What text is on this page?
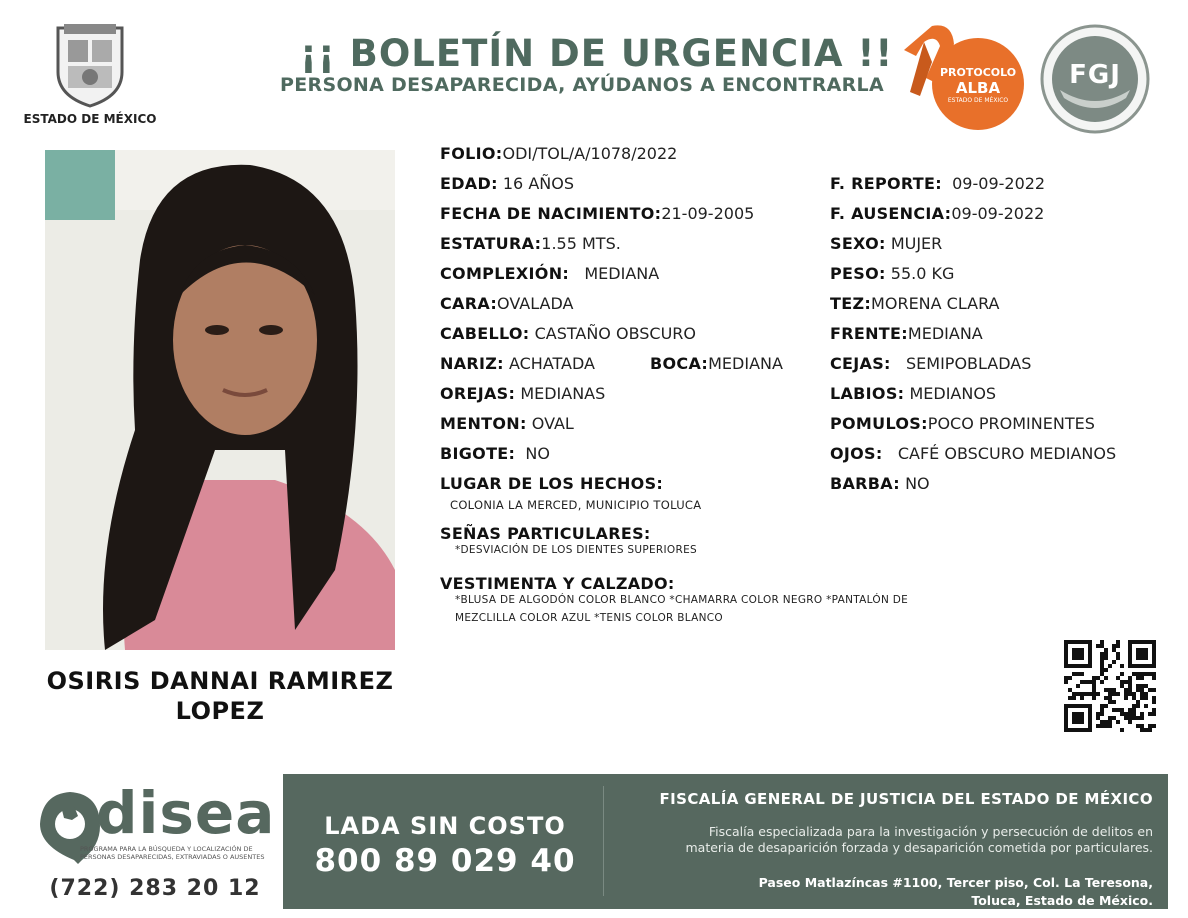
ESTADO DE MÉXICO
¡¡ BOLETÍN DE URGENCIA !!
PERSONA DESAPARECIDA, AYÚDANOS A ENCONTRARLA
PROTOCOLO
ALBA
ESTADO DE MÉXICO
FGJ
OSIRIS DANNAI RAMIREZ
LOPEZ
FOLIO:ODI/TOL/A/1078/2022
EDAD: 16 AÑOS
FECHA DE NACIMIENTO:21-09-2005
ESTATURA:1.55 MTS.
COMPLEXIÓN: MEDIANA
CARA:OVALADA
CABELLO: CASTAÑO OBSCURO
NARIZ: ACHATADA	BOCA:MEDIANA
OREJAS: MEDIANAS
MENTON: OVAL
BIGOTE: NO
F. REPORTE: 09-09-2022
F. AUSENCIA:09-09-2022
SEXO: MUJER
PESO: 55.0 KG
TEZ:MORENA CLARA
FRENTE:MEDIANA
CEJAS: SEMIPOBLADAS
LABIOS: MEDIANOS
POMULOS:POCO PROMINENTES
OJOS: CAFÉ OBSCURO MEDIANOS
BARBA: NO
LUGAR DE LOS HECHOS:
COLONIA LA MERCED, MUNICIPIO TOLUCA
SEÑAS PARTICULARES:
*DESVIACIÓN DE LOS DIENTES SUPERIORES
VESTIMENTA Y CALZADO:
*BLUSA DE ALGODÓN COLOR BLANCO *CHAMARRA COLOR NEGRO *PANTALÓN DE
MEZCLILLA COLOR AZUL *TENIS COLOR BLANCO
disea
PROGRAMA PARA LA BÚSQUEDA Y LOCALIZACIÓN DE PERSONAS DESAPARECIDAS, EXTRAVIADAS O AUSENTES
(722) 283 20 12
LADA SIN COSTO
800 89 029 40
FISCALÍA GENERAL DE JUSTICIA DEL ESTADO DE MÉXICO
Fiscalía especializada para la investigación y persecución de delitos en
materia de desaparición forzada y desaparición cometida por particulares.
Paseo Matlazíncas #1100, Tercer piso, Col. La Teresona,
Toluca, Estado de México.
